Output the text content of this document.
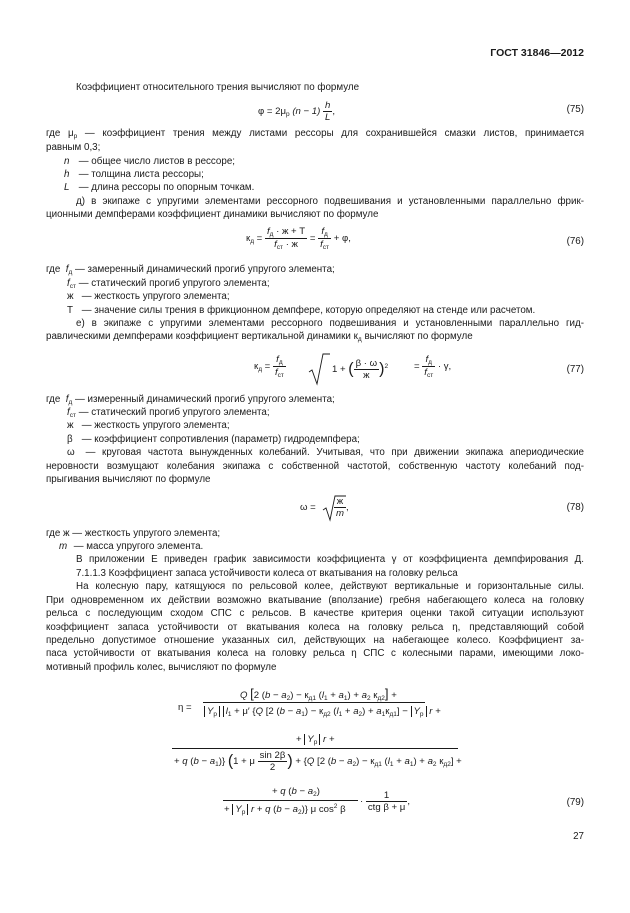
ГОСТ 31846—2012
Коэффициент относительного трения вычисляют по формуле
$\varphi = 2\mu_р$ $(n - 1) \frac{h}{L}$ ,	(75)
где $\mu_р$ — коэффициент трения между листами рессоры для сохранившейся смазки листов, принимается
равным 0,3;
n — общее число листов в рессоре;
h — толщина листа рессоры;
L — длина рессоры по опорным точкам.
д) в экипаже с упругими элементами рессорного подвешивания и установленными параллельно фрик-
ционными демпферами коэффициент динамики вычисляют по формуле
$к_д = \frac{f_д \cdot ж + Т}{f_{ст} \cdot ж} = \frac{f_д}{f_{ст}} + \varphi$,	(76)
где $f_д$ — замеренный динамический прогиб упругого элемента;
$f_{ст}$ — статический прогиб упругого элемента;
ж — жесткость упругого элемента;
Т — значение силы трения в фрикционном демпфере, которую определяют на стенде или расчетом.
е) в экипаже с упругими элементами рессорного подвешивания и установленными параллельно гид-
равлическими демпферами коэффициент вертикальной динамики $к_д$ вычисляют по формуле
$к_д = \frac{f_д}{f_{ст}}$	1 + ( $\frac{\beta \cdot \omega}{ж} )^2$	= $\frac{f_д}{f_{ст}} \cdot \gamma$,	(77)
где $f_д$ — измеренный динамический прогиб упругого элемента;
$f_{ст}$ — статический прогиб упругого элемента;
ж — жесткость упругого элемента;
β — коэффициент сопротивления (параметр) гидродемпфера;
ω — круговая частота вынужденных колебаний. Учитывая, что при движении экипажа апериодические
неровности возмущают колебания экипажа с собственной частотой, собственную частоту колебаний под-
прыгивания вычисляют по формуле
$\omega = \frac{ж}{m}$ ,	(78)
где ж — жесткость упругого элемента;
m — масса упругого элемента.
В приложении Е приведен график зависимости коэффициента γ от коэффициента демпфирования Д.
7.1.1.3 Коэффициент запаса устойчивости колеса от вкатывания на головку рельса
На колесную пару, катящуюся по рельсовой колее, действуют вертикальные и горизонтальные силы.
При одновременном их действии возможно вкатывание (вползание) гребня набегающего колеса на головку
рельса с последующим сходом СПС с рельсов. В качестве критерия оценки такой ситуации используют
коэффициент запаса устойчивости от вкатывания колеса на головку рельса η, представляющий собой
предельно допустимое отношение указанных сил, действующих на набегающее колесо. Коэффициент за-
паса устойчивости от вкатывания колеса на головку рельса η СПС с колесными парами, имеющими локо-
мотивный профиль колес, вычисляют по формуле
η =
Q [2 $(b - a_2) - к_{д1}$ $(l_1 + a_1) + a_2$ $к_{д2}$] +
$Y_р$ $l_1 + \mu'$ {Q [2 $(b - a_1) - к_{д2}$ $(l_1 + a_2) + a_1к_{д1}] - Y_р$ r +
+ $Y_р$ r +
+ q $(b - a_1)$} (1 + μ $\frac{\sin 2\beta}{2}$ ) + {Q [2 $(b - a_2) - к_{д1}$ $(l_1 + a_1) + a_2$ $к_{д2}$] +
+ q $(b - a_2)$
+ $Y_р$ r + q $(b - a_2)$} μ $\cos^2 \beta$
· $\frac{1}{\text{ctg β + μ}}$ ,	(79)
27
